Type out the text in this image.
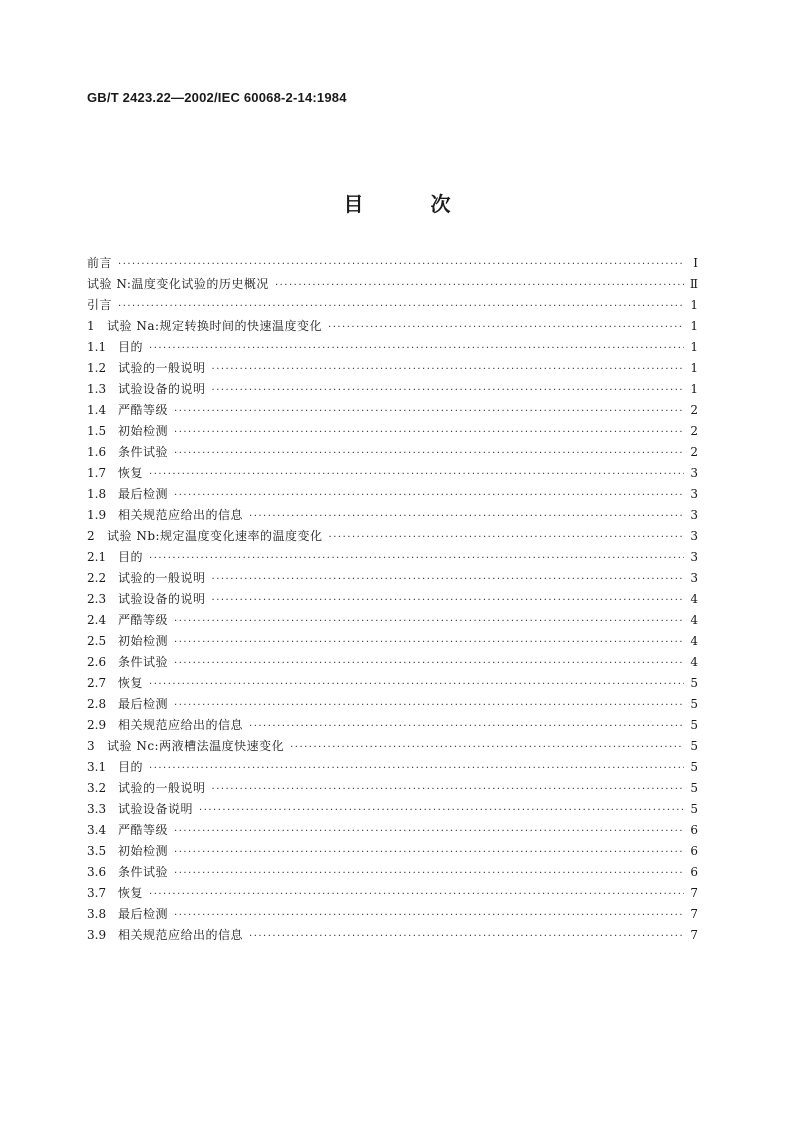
GB/T 2423.22—2002/IEC 60068-2-14:1984
目 次
前言 ·····	Ⅰ
试验 N:温度变化试验的历史概况 ·····	Ⅱ
引言 ·····	1
1	试验 Na:规定转换时间的快速温度变化 ·····	1
1.1 目的 ·····	1
1.2 试验的一般说明 ·····	1
1.3 试验设备的说明 ·····	1
1.4 严酷等级 ·····	2
1.5 初始检测 ·····	2
1.6 条件试验 ·····	2
1.7 恢复 ·····	3
1.8 最后检测 ·····	3
1.9 相关规范应给出的信息 ·····	3
2	试验 Nb:规定温度变化速率的温度变化 ·····	3
2.1 目的 ·····	3
2.2 试验的一般说明 ·····	3
2.3 试验设备的说明 ·····	4
2.4 严酷等级 ·····	4
2.5 初始检测 ·····	4
2.6 条件试验 ·····	4
2.7 恢复 ·····	5
2.8 最后检测 ·····	5
2.9 相关规范应给出的信息 ·····	5
3	试验 Nc:两液槽法温度快速变化 ·····	5
3.1 目的 ·····	5
3.2 试验的一般说明 ·····	5
3.3 试验设备说明 ·····	5
3.4 严酷等级 ·····	6
3.5 初始检测 ·····	6
3.6 条件试验 ·····	6
3.7 恢复 ·····	7
3.8 最后检测 ·····	7
3.9 相关规范应给出的信息 ·····	7
